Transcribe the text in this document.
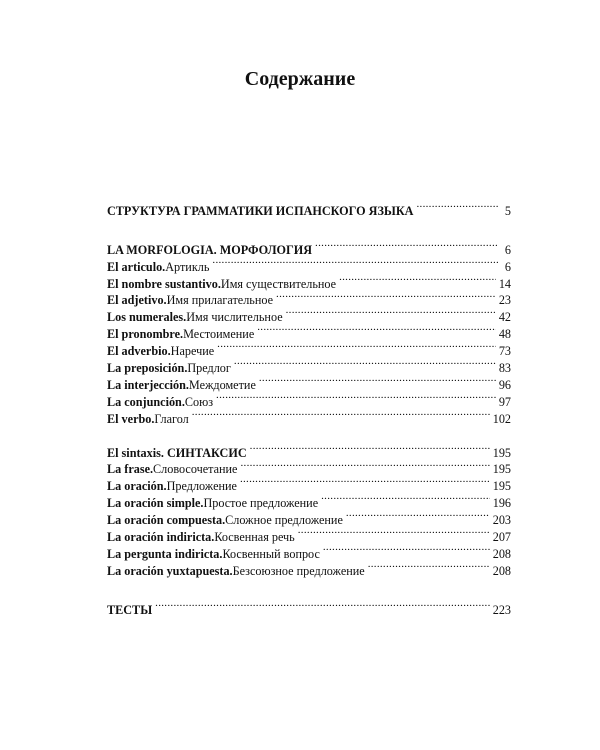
Содержание
СТРУКТУРА ГРАММАТИКИ ИСПАНСКОГО ЯЗЫКА .....	5
LA MORFOLOGIA. МОРФОЛОГИЯ .....	6
El articulo. Артикль .....	6
El nombre sustantivo. Имя существительное .....	14
El adjetivo. Имя прилагательное .....	23
Los numerales. Имя числительное .....	42
El pronombre. Местоимение .....	48
El adverbio. Наречие .....	73
La preposición. Предлог .....	83
La interjección. Междометие .....	96
La conjunción. Союз .....	97
El verbo. Глагол .....	102
El sintaxis. СИНТАКСИС .....	195
La frase. Словосочетание .....	195
La oración. Предложение .....	195
La oración simple. Простое предложение .....	196
La oración compuesta. Сложное предложение .....	203
La oración indiricta. Косвенная речь .....	207
La pergunta indiricta. Косвенный вопрос .....	208
La oración yuxtapuesta. Безсоюзное предложение .....	208
ТЕСТЫ .....	223
